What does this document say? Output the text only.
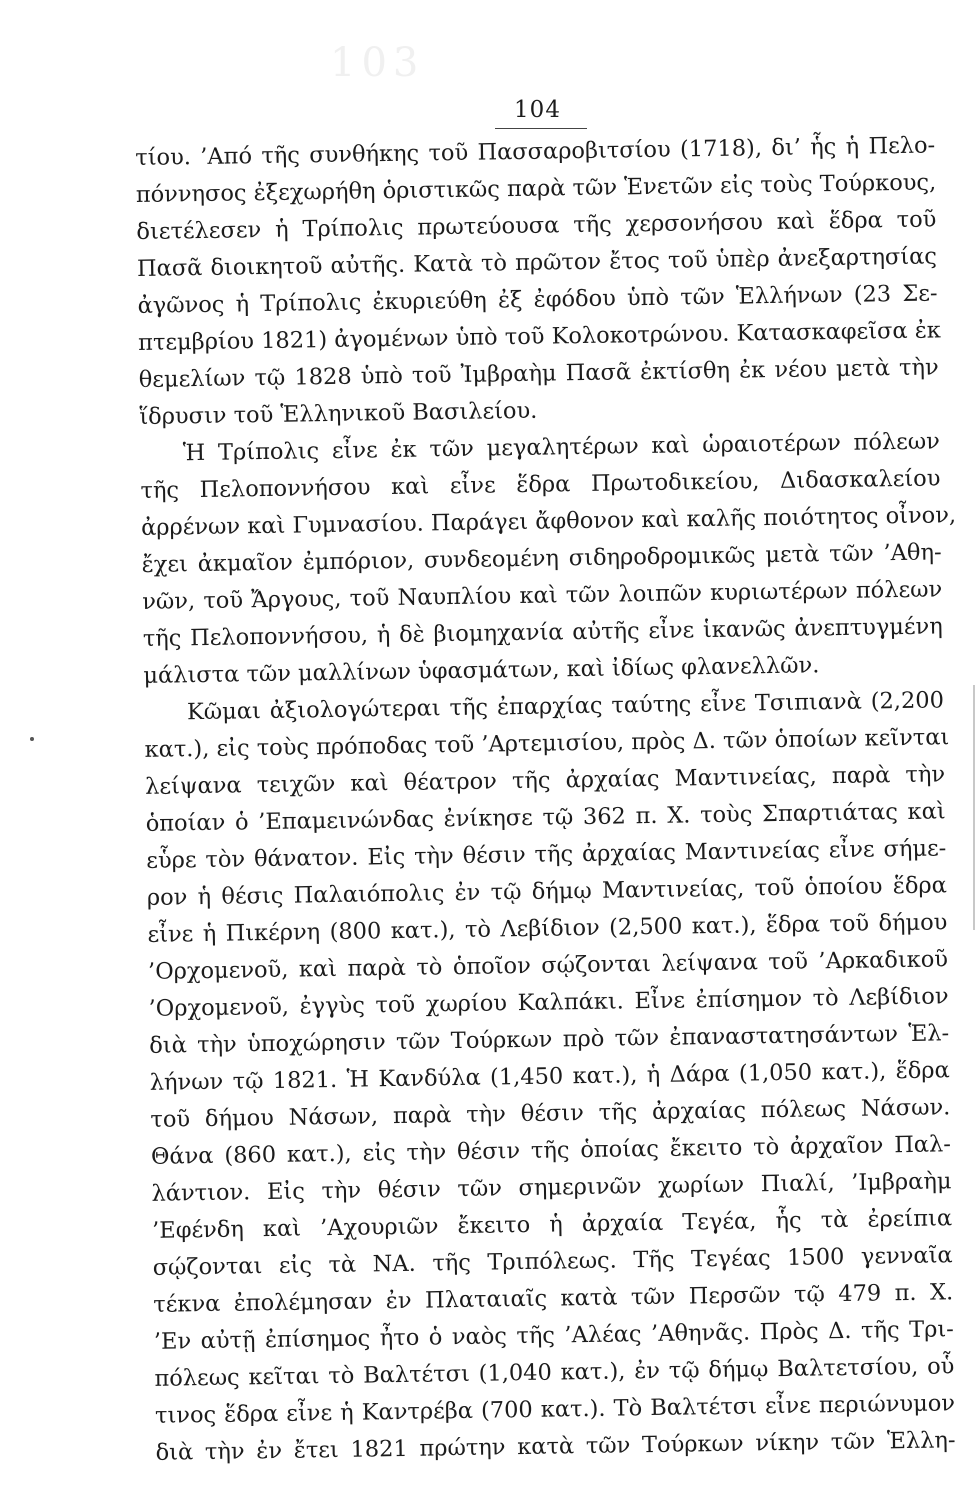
103
104
τίου. ’Από τῆς συνθήκης τοῦ Πασσαροβιτσίου (1718), δι’ ἧς ἡ Πελο-
πόννησος ἐξεχωρήθη ὁριστικῶς παρὰ τῶν Ἑνετῶν εἰς τοὺς Τούρκους,
διετέλεσεν ἡ Τρίπολις πρωτεύουσα τῆς χερσονήσου καὶ ἕδρα τοῦ
Πασᾶ διοικητοῦ αὐτῆς. Κατὰ τὸ πρῶτον ἔτος τοῦ ὑπὲρ ἀνεξαρτησίας
ἀγῶνος ἡ Τρίπολις ἐκυριεύθη ἐξ ἐφόδου ὑπὸ τῶν Ἑλλήνων (23 Σε-
πτεμβρίου 1821) ἀγομένων ὑπὸ τοῦ Κολοκοτρώνου. Κατασκαφεῖσα ἐκ
θεμελίων τῷ 1828 ὑπὸ τοῦ Ἰμβραὴμ Πασᾶ ἐκτίσθη ἐκ νέου μετὰ τὴν
ἵδρυσιν τοῦ Ἑλληνικοῦ Βασιλείου.
Ἡ Τρίπολις εἶνε ἐκ τῶν μεγαλητέρων καὶ ὡραιοτέρων πόλεων
τῆς Πελοποννήσου καὶ εἶνε ἕδρα Πρωτοδικείου, Διδασκαλείου
ἀρρένων καὶ Γυμνασίου. Παράγει ἄφθονον καὶ καλῆς ποιότητος οἶνον,
ἔχει ἀκμαῖον ἐμπόριον, συνδεομένη σιδηροδρομικῶς μετὰ τῶν ’Αθη-
νῶν, τοῦ Ἄργους, τοῦ Ναυπλίου καὶ τῶν λοιπῶν κυριωτέρων πόλεων
τῆς Πελοποννήσου, ἡ δὲ βιομηχανία αὐτῆς εἶνε ἱκανῶς ἀνεπτυγμένη
μάλιστα τῶν μαλλίνων ὑφασμάτων, καὶ ἰδίως φλανελλῶν.
Κῶμαι ἀξιολογώτεραι τῆς ἐπαρχίας ταύτης εἶνε Τσιπιανὰ (2,200
κατ.), εἰς τοὺς πρόποδας τοῦ ’Αρτεμισίου, πρὸς Δ. τῶν ὁποίων κεῖνται
λείψανα τειχῶν καὶ θέατρον τῆς ἀρχαίας Μαντινείας, παρὰ τὴν
ὁποίαν ὁ ’Επαμεινώνδας ἐνίκησε τῷ 362 π. Χ. τοὺς Σπαρτιάτας καὶ
εὗρε τὸν θάνατον. Εἰς τὴν θέσιν τῆς ἀρχαίας Μαντινείας εἶνε σήμε-
ρον ἡ θέσις Παλαιόπολις ἐν τῷ δήμῳ Μαντινείας, τοῦ ὁποίου ἕδρα
εἶνε ἡ Πικέρνη (800 κατ.), τὸ Λεβίδιον (2,500 κατ.), ἕδρα τοῦ δήμου
’Ορχομενοῦ, καὶ παρὰ τὸ ὁποῖον σῴζονται λείψανα τοῦ ’Αρκαδικοῦ
’Ορχομενοῦ, ἐγγὺς τοῦ χωρίου Καλπάκι. Εἶνε ἐπίσημον τὸ Λεβίδιον
διὰ τὴν ὑποχώρησιν τῶν Τούρκων πρὸ τῶν ἐπαναστατησάντων Ἑλ-
λήνων τῷ 1821. Ἡ Κανδύλα (1,450 κατ.), ἡ Δάρα (1,050 κατ.), ἕδρα
τοῦ δήμου Νάσων, παρὰ τὴν θέσιν τῆς ἀρχαίας πόλεως Νάσων.
Θάνα (860 κατ.), εἰς τὴν θέσιν τῆς ὁποίας ἔκειτο τὸ ἀρχαῖον Παλ-
λάντιον. Εἰς τὴν θέσιν τῶν σημερινῶν χωρίων Πιαλί, ’Ιμβραὴμ
’Εφένδη καὶ ’Αχουριῶν ἔκειτο ἡ ἀρχαία Τεγέα, ἧς τὰ ἐρείπια
σῴζονται εἰς τὰ ΝΑ. τῆς Τριπόλεως. Τῆς Τεγέας 1500 γενναῖα
τέκνα ἐπολέμησαν ἐν Πλαταιαῖς κατὰ τῶν Περσῶν τῷ 479 π. Χ.
’Εν αὐτῇ ἐπίσημος ἦτο ὁ ναὸς τῆς ’Αλέας ’Αθηνᾶς. Πρὸς Δ. τῆς Τρι-
πόλεως κεῖται τὸ Βαλτέτσι (1,040 κατ.), ἐν τῷ δήμῳ Βαλτετσίου, οὗ
τινος ἕδρα εἶνε ἡ Καντρέβα (700 κατ.). Τὸ Βαλτέτσι εἶνε περιώνυμον
διὰ τὴν ἐν ἔτει 1821 πρώτην κατὰ τῶν Τούρκων νίκην τῶν Ἑλλη-
